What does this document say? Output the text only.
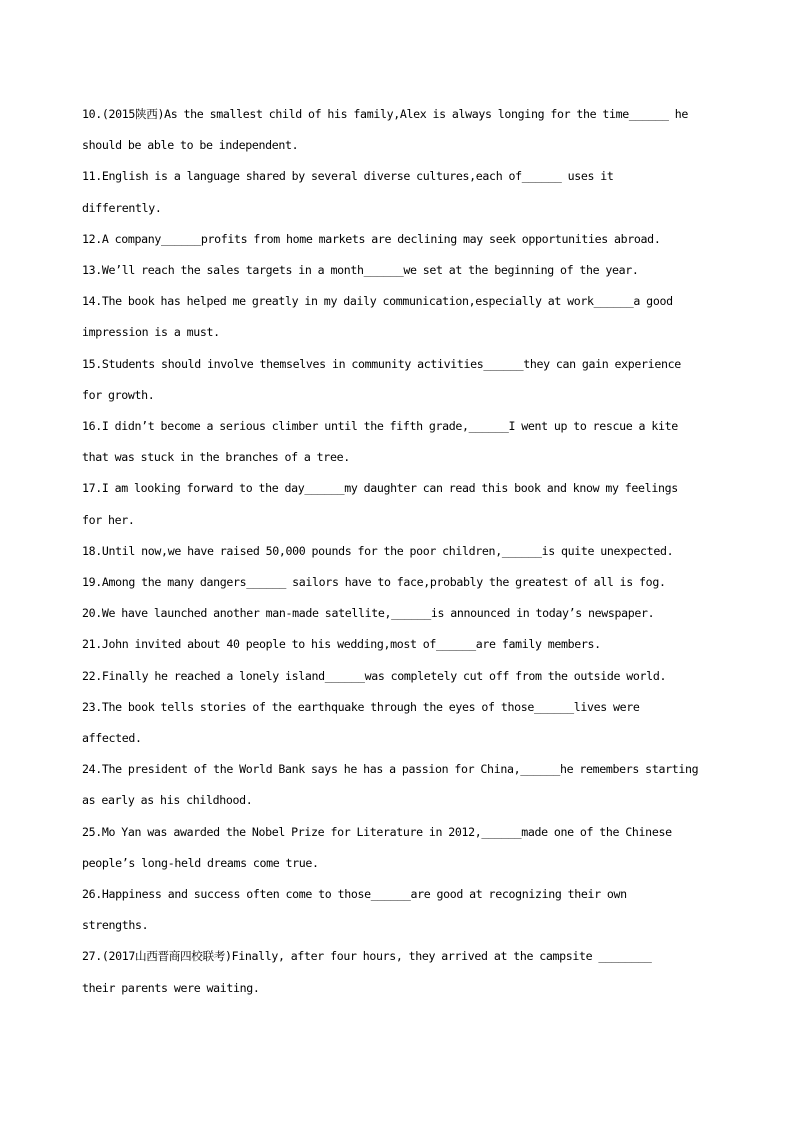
10.(2015陕西)As the smallest child of his family,Alex is always longing for the time______ he
should be able to be independent.

11.English is a language shared by several diverse cultures,each of______ uses it
differently.

12.A company______profits from home markets are declining may seek opportunities abroad.

13.We’ll reach the sales targets in a month______we set at the beginning of the year.

14.The book has helped me greatly in my daily communication,especially at work______a good
impression is a must.

15.Students should involve themselves in community activities______they can gain experience
for growth.

16.I didn’t become a serious climber until the fifth grade,______I went up to rescue a kite
that was stuck in the branches of a tree.

17.I am looking forward to the day______my daughter can read this book and know my feelings
for her.

18.Until now,we have raised 50,000 pounds for the poor children,______is quite unexpected.

19.Among the many dangers______ sailors have to face,probably the greatest of all is fog.

20.We have launched another man-made satellite,______is announced in today’s newspaper.

21.John invited about 40 people to his wedding,most of______are family members.

22.Finally he reached a lonely island______was completely cut off from the outside world.

23.The book tells stories of the earthquake through the eyes of those______lives were
affected.

24.The president of the World Bank says he has a passion for China,______he remembers starting
as early as his childhood.

25.Mo Yan was awarded the Nobel Prize for Literature in 2012,______made one of the Chinese
people’s long-held dreams come true.

26.Happiness and success often come to those______are good at recognizing their own
strengths.

27.(2017山西晋商四校联考)Finally, after four hours, they arrived at the campsite ________
their parents were waiting.
